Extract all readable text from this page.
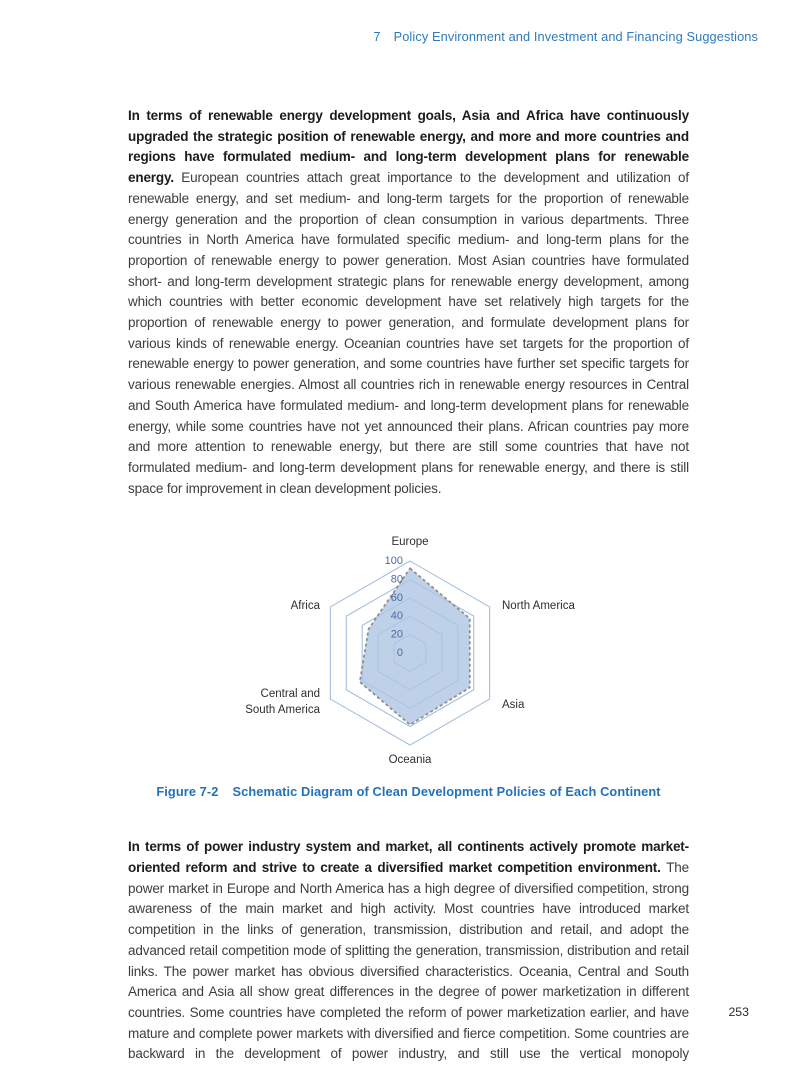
7 Policy Environment and Investment and Financing Suggestions

In terms of renewable energy development goals, Asia and Africa have continuously upgraded the strategic position of renewable energy, and more and more countries and regions have formulated medium- and long-term development plans for renewable energy. European countries attach great importance to the development and utilization of renewable energy, and set medium- and long-term targets for the proportion of renewable energy generation and the proportion of clean consumption in various departments. Three countries in North America have formulated specific medium- and long-term plans for the proportion of renewable energy to power generation. Most Asian countries have formulated short- and long-term development strategic plans for renewable energy development, among which countries with better economic development have set relatively high targets for the proportion of renewable energy to power generation, and formulate development plans for various kinds of renewable energy. Oceanian countries have set targets for the proportion of renewable energy to power generation, and some countries have further set specific targets for various renewable energies. Almost all countries rich in renewable energy resources in Central and South America have formulated medium- and long-term development plans for renewable energy, while some countries have not yet announced their plans. African countries pay more and more attention to renewable energy, but there are still some countries that have not formulated medium- and long-term development plans for renewable energy, and there is still space for improvement in clean development policies.

0
20
40
60
80
100
Europe
North America
Asia
Oceania
Central and
South America
Africa
Figure 7-2 Schematic Diagram of Clean Development Policies of Each Continent

In terms of power industry system and market, all continents actively promote market-oriented reform and strive to create a diversified market competition environment. The power market in Europe and North America has a high degree of diversified competition, strong awareness of the main market and high activity. Most countries have introduced market competition in the links of generation, transmission, distribution and retail, and adopt the advanced retail competition mode of splitting the generation, transmission, distribution and retail links. The power market has obvious diversified characteristics. Oceania, Central and South America and Asia all show great differences in the degree of power marketization in different countries. Some countries have completed the reform of power marketization earlier, and have mature and complete power markets with diversified and fierce competition. Some countries are backward in the development of power industry, and still use the vertical monopoly

253
